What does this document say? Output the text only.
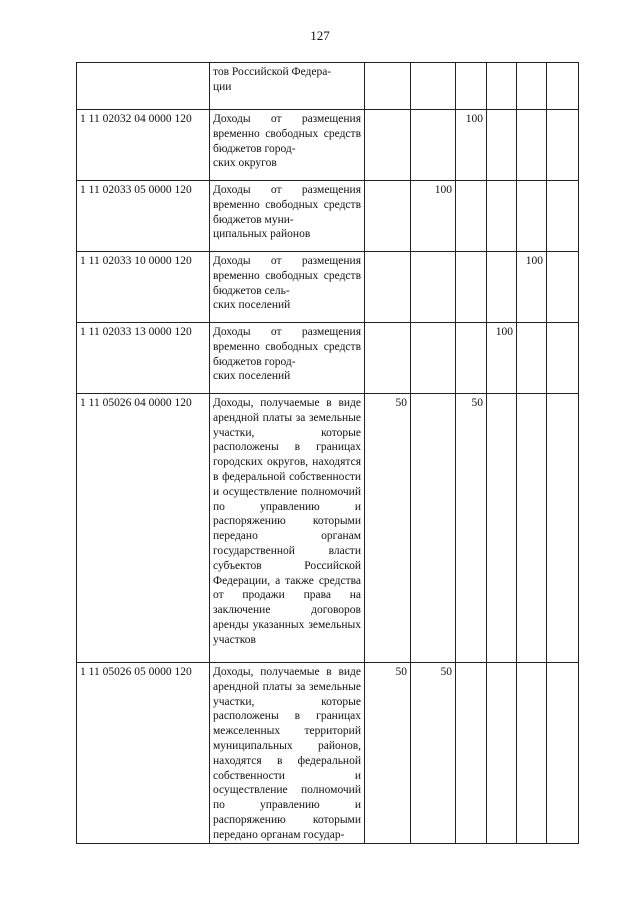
127
	тов Российской Федера-
ции						
1 11 02032 04 0000 120	Доходы от размещения временно свободных средств бюджетов город-
ских округов			100			
1 11 02033 05 0000 120	Доходы от размещения временно свободных средств бюджетов муни-
ципальных районов		100				
1 11 02033 10 0000 120	Доходы от размещения временно свободных средств бюджетов сель-
ских поселений					100	
1 11 02033 13 0000 120	Доходы от размещения временно свободных средств бюджетов город-
ских поселений				100		
1 11 05026 04 0000 120	Доходы, получаемые в виде арендной платы за земельные участки, которые расположены в границах городских округов, находятся в федеральной собственности и осуществление полномочий по управлению и распоряжению которыми передано органам государственной власти субъектов Российской Федерации, а также средства от продажи права на заключение договоров аренды указанных земельных участков	50		50			
1 11 05026 05 0000 120	Доходы, получаемые в виде арендной платы за земельные участки, которые расположены в границах межселенных территорий муниципальных районов, находятся в федеральной собственности и осуществление полномочий по управлению и распоряжению которыми передано органам государ-	50	50				
